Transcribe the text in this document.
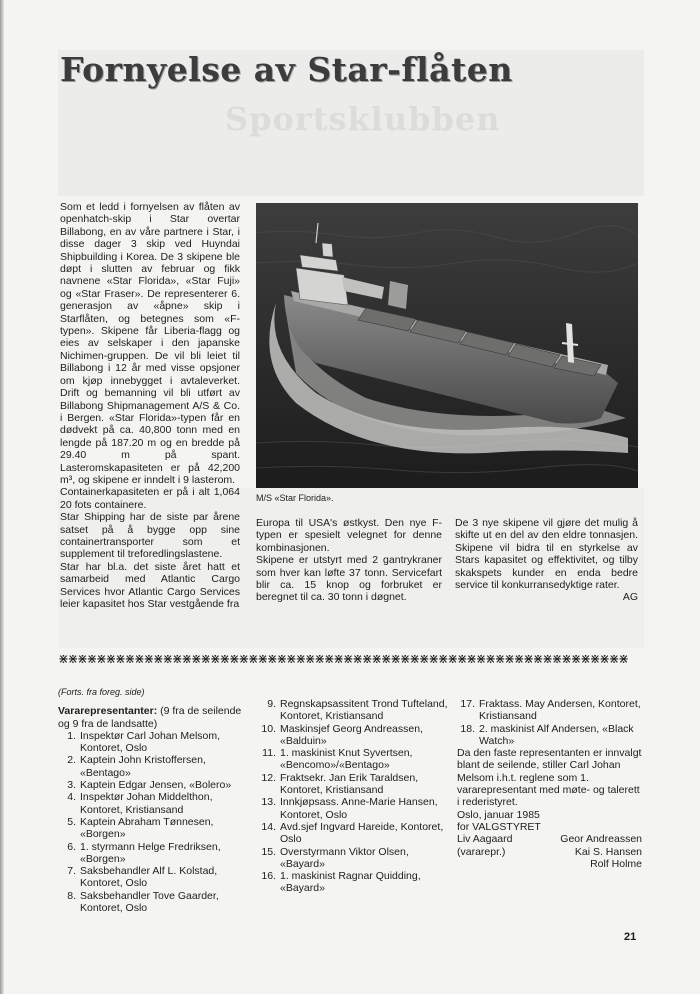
Sportsklubben
Fornyelse av Star-flåten

Som et ledd i fornyelsen av flåten av openhatch-skip i Star overtar Billabong, en av våre partnere i Star, i disse dager 3 skip ved Huyndai Shipbuilding i Korea. De 3 skipene ble døpt i slutten av februar og fikk navnene «Star Florida», «Star Fuji» og «Star Fraser». De representerer 6. generasjon av «åpne» skip i Starflåten, og betegnes som «F-typen». Skipene får Liberia-flagg og eies av selskaper i den japanske Nichimen-gruppen. De vil bli leiet til Billabong i 12 år med visse opsjoner om kjøp innebygget i avtaleverket. Drift og bemanning vil bli utført av Billabong Shipmanagement A/S & Co. i Bergen. «Star Florida»-typen får en dødvekt på ca. 40,800 tonn med en lengde på 187.20 m og en bredde på 29.40 m på spant. Lasteromskapasiteten er på 42,200 m³, og skipene er inndelt i 9 lasterom.

Containerkapasiteten er på i alt 1,064 20 fots containere.

Star Shipping har de siste par årene satset på å bygge opp sine containertransporter som et supplement til treforedlingslastene.

Star har bl.a. det siste året hatt et samarbeid med Atlantic Cargo Services hvor Atlantic Cargo Services leier kapasitet hos Star vestgående fra

M/S «Star Florida».

Europa til USA's østkyst. Den nye F-typen er spesielt velegnet for denne kombinasjonen.

Skipene er utstyrt med 2 gantrykraner som hver kan løfte 37 tonn. Servicefart blir ca. 15 knop og forbruket er beregnet til ca. 30 tonn i døgnet.

De 3 nye skipene vil gjøre det mulig å skifte ut en del av den eldre tonnasjen. Skipene vil bidra til en styrkelse av Stars kapasitet og effektivitet, og tilby skakspets kunder en enda bedre service til konkurransedyktige rater.

AG

⋇⋇⋇⋇⋇⋇⋇⋇⋇⋇⋇⋇⋇⋇⋇⋇⋇⋇⋇⋇⋇⋇⋇⋇⋇⋇⋇⋇⋇⋇⋇⋇⋇⋇⋇⋇⋇⋇⋇⋇⋇⋇⋇⋇⋇⋇⋇⋇⋇⋇⋇⋇⋇⋇⋇⋇⋇⋇⋇⋇
(Forts. fra foreg. side)
Vararepresentanter: (9 fra de seilende og 9 fra de landsatte)
1. Inspektør Carl Johan Melsom, Kontoret, Oslo
2. Kaptein John Kristoffersen, «Bentago»
3. Kaptein Edgar Jensen, «Bolero»
4. Inspektør Johan Middelthon, Kontoret, Kristiansand
5. Kaptein Abraham Tønnesen, «Borgen»
6. 1. styrmann Helge Fredriksen, «Borgen»
7. Saksbehandler Alf L. Kolstad, Kontoret, Oslo
8. Saksbehandler Tove Gaarder, Kontoret, Oslo
9. Regnskapsassitent Trond Tufteland, Kontoret, Kristiansand
10. Maskinsjef Georg Andreassen, «Balduin»
11. 1. maskinist Knut Syvertsen, «Bencomo»/«Bentago»
12. Fraktsekr. Jan Erik Taraldsen, Kontoret, Kristiansand
13. Innkjøpsass. Anne-Marie Hansen, Kontoret, Oslo
14. Avd.sjef Ingvard Hareide, Kontoret, Oslo
15. Overstyrmann Viktor Olsen, «Bayard»
16. 1. maskinist Ragnar Quidding, «Bayard»
17. Fraktass. May Andersen, Kontoret, Kristiansand
18. 2. maskinist Alf Andersen, «Black Watch»

Da den faste representanten er innvalgt blant de seilende, stiller Carl Johan Melsom i.h.t. reglene som 1. vararepresentant med møte- og talerett i rederistyret.

Oslo, januar 1985

for VALGSTYRET

Liv Aagaard	Geor Andreassen
(vararepr.)	Kai S. Hansen
Rolf Holme
21
